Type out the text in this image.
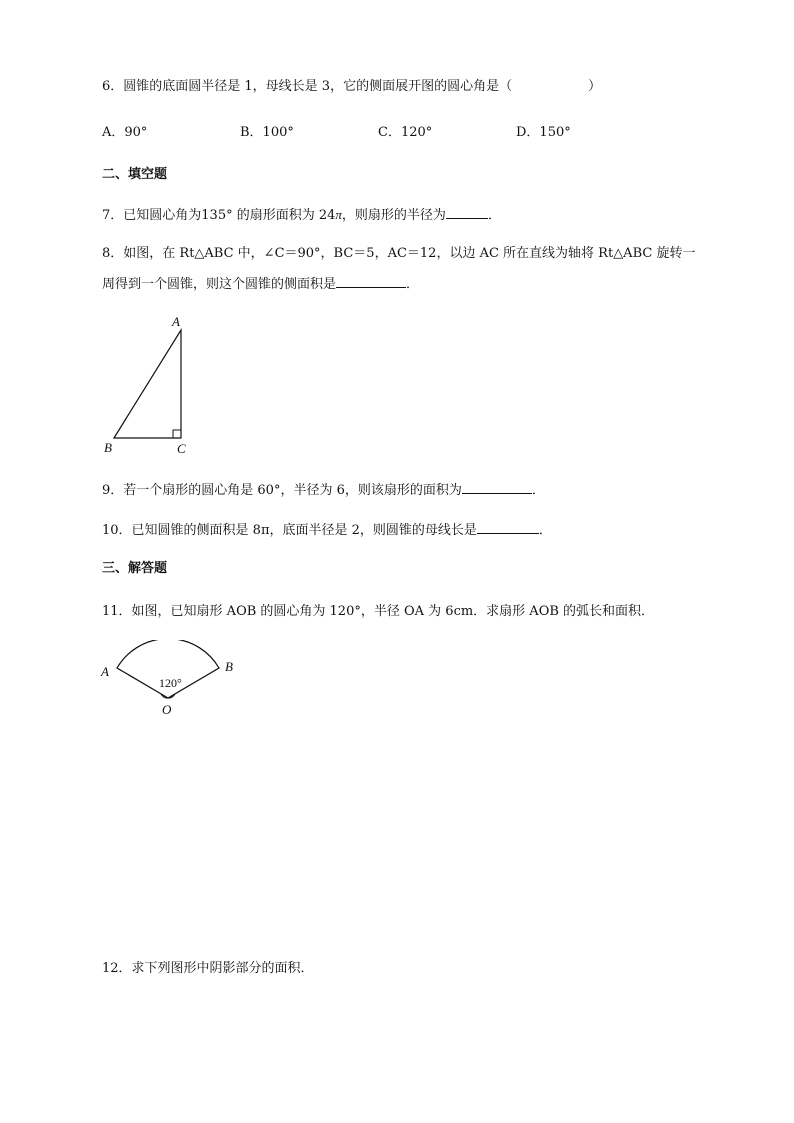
6．圆锥的底面圆半径是 1，母线长是 3，它的侧面展开图的圆心角是（	）
A．90°	B．100°	C．120°	D．150°
二、填空题
7．已知圆心角为135° 的扇形面积为 24π，则扇形的半径为	．
8．如图，在 Rt△ABC 中，∠C＝90°，BC＝5，AC＝12，以边 AC 所在直线为轴将 Rt△ABC 旋转一
周得到一个圆锥，则这个圆锥的侧面积是	．
A
B	C
9．若一个扇形的圆心角是 60°，半径为 6，则该扇形的面积为	．
10．已知圆锥的侧面积是 8π，底面半径是 2，则圆锥的母线长是	．
三、解答题
11．如图，已知扇形 AOB 的圆心角为 120°，半径 OA 为 6cm．求扇形 AOB 的弧长和面积．
120°
A	B
O
12．求下列图形中阴影部分的面积．
